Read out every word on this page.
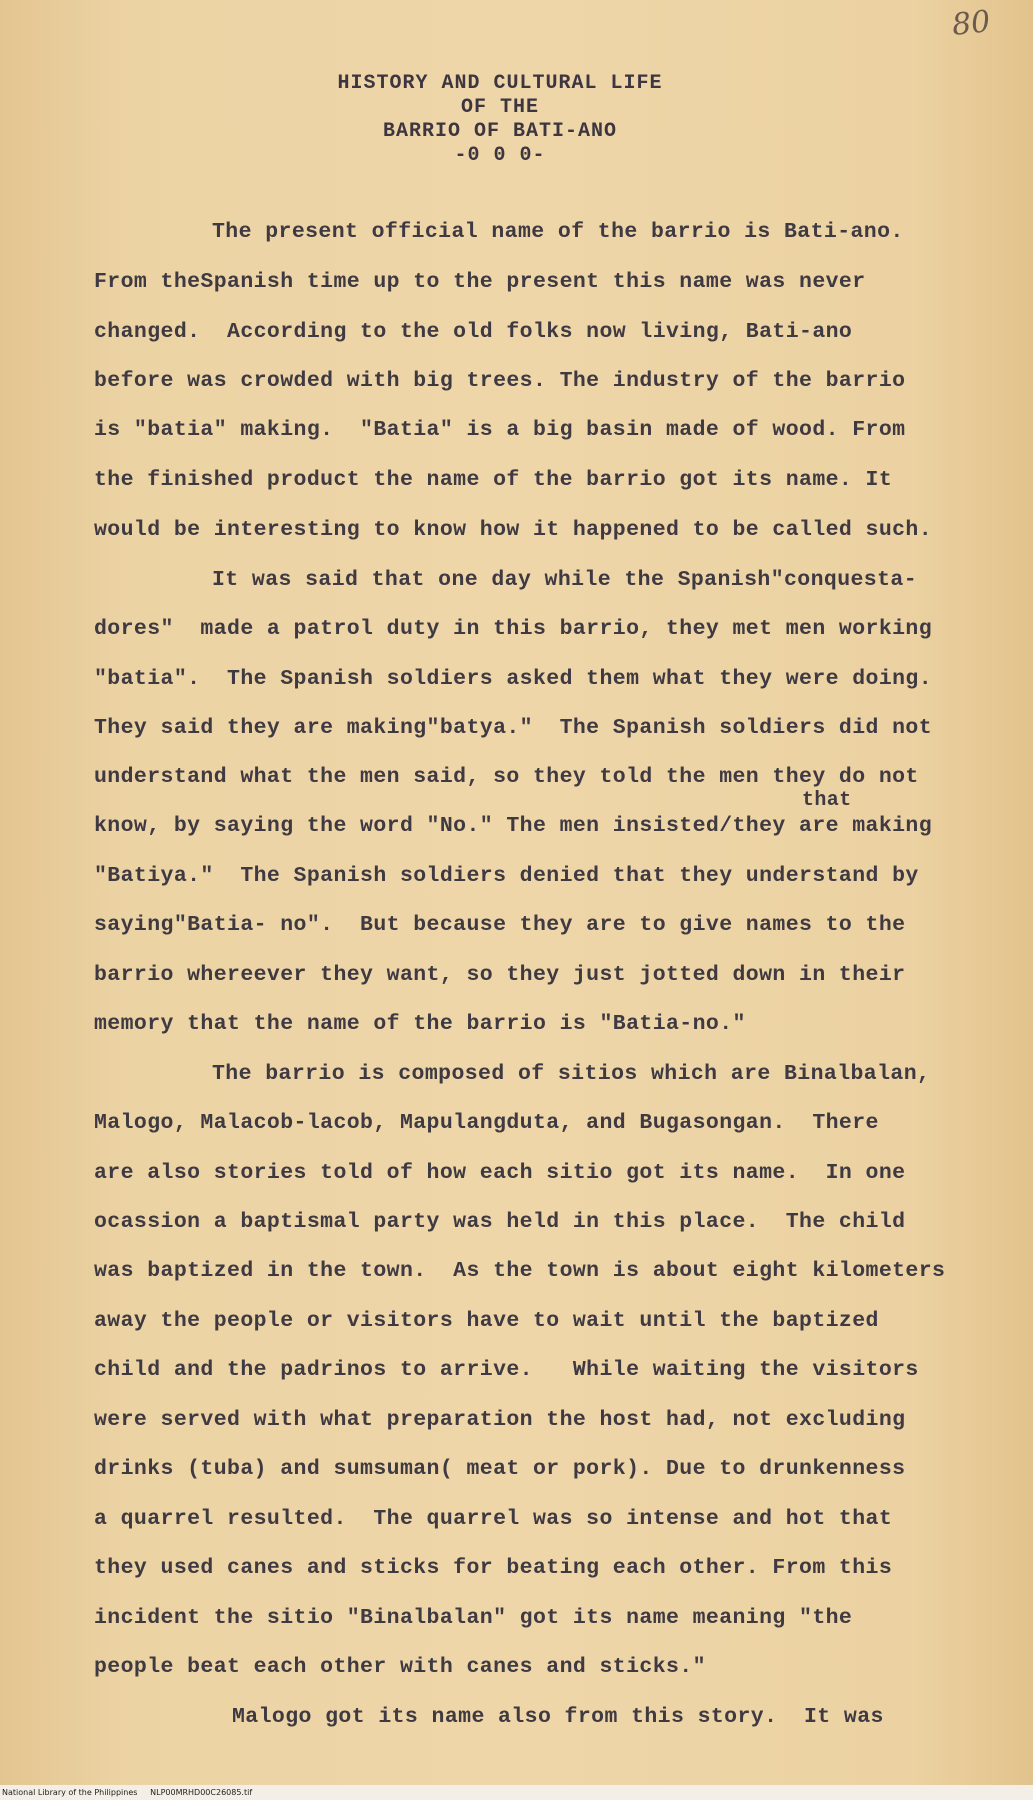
80
HISTORY AND CULTURAL LIFE
OF THE
BARRIO OF BATI-ANO
-0 0 0-
The present official name of the barrio is Bati-ano.
From theSpanish time up to the present this name was never
changed.  According to the old folks now living, Bati-ano
before was crowded with big trees. The industry of the barrio
is "batia" making.  "Batia" is a big basin made of wood. From
the finished product the name of the barrio got its name. It
would be interesting to know how it happened to be called such.
It was said that one day while the Spanish"conquesta-
dores"  made a patrol duty in this barrio, they met men working
"batia".  The Spanish soldiers asked them what they were doing.
They said they are making"batya."  The Spanish soldiers did not
understand what the men said, so they told the men they do not
that
know, by saying the word "No." The men insisted/they are making
"Batiya."  The Spanish soldiers denied that they understand by
saying"Batia- no".  But because they are to give names to the
barrio whereever they want, so they just jotted down in their
memory that the name of the barrio is "Batia-no."
The barrio is composed of sitios which are Binalbalan,
Malogo, Malacob-lacob, Mapulangduta, and Bugasongan.  There
are also stories told of how each sitio got its name.  In one
ocassion a baptismal party was held in this place.  The child
was baptized in the town.  As the town is about eight kilometers
away the people or visitors have to wait until the baptized
child and the padrinos to arrive.   While waiting the visitors
were served with what preparation the host had, not excluding
drinks (tuba) and sumsuman( meat or pork). Due to drunkenness
a quarrel resulted.  The quarrel was so intense and hot that
they used canes and sticks for beating each other. From this
incident the sitio "Binalbalan" got its name meaning "the
people beat each other with canes and sticks."
Malogo got its name also from this story.  It was
National Library of the Philippines     NLP00MRHD00C26085.tif
